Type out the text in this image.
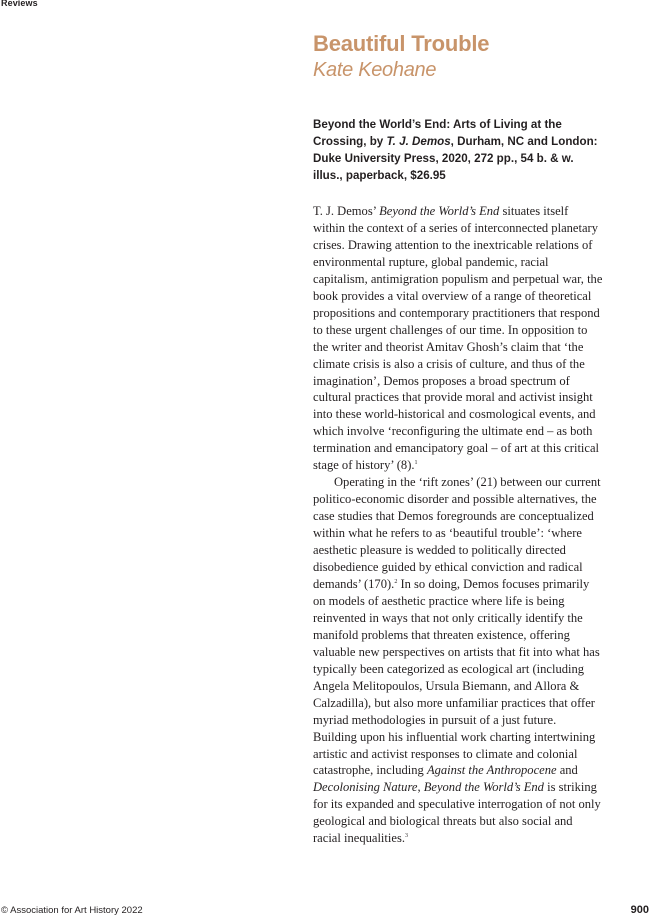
Reviews
Beautiful Trouble
Kate Keohane
Beyond the World’s End: Arts of Living at the Crossing, by T. J. Demos, Durham, NC and London: Duke University Press, 2020, 272 pp., 54 b. & w. illus., paperback, $26.95

T. J. Demos’ Beyond the World’s End situates itself within the context of a series of interconnected planetary crises. Drawing attention to the inextricable relations of environmental rupture, global pandemic, racial capitalism, antimigration populism and perpetual war, the book provides a vital overview of a range of theoretical propositions and contemporary practitioners that respond to these urgent challenges of our time. In opposition to the writer and theorist Amitav Ghosh’s claim that ‘the climate crisis is also a crisis of culture, and thus of the imagination’, Demos proposes a broad spectrum of cultural practices that provide moral and activist insight into these world-historical and cosmological events, and which involve ‘reconfiguring the ultimate end – as both termination and emancipatory goal – of art at this critical stage of history’ (8).$^1$

Operating in the ‘rift zones’ (21) between our current politico-economic disorder and possible alternatives, the case studies that Demos foregrounds are conceptualized within what he refers to as ‘beautiful trouble’: ‘where aesthetic pleasure is wedded to politically directed disobedience guided by ethical conviction and radical demands’ (170).$^2$ In so doing, Demos focuses primarily on models of aesthetic practice where life is being reinvented in ways that not only critically identify the manifold problems that threaten existence, offering valuable new perspectives on artists that fit into what has typically been categorized as ecological art (including Angela Melitopoulos, Ursula Biemann, and Allora & Calzadilla), but also more unfamiliar practices that offer myriad methodologies in pursuit of a just future. Building upon his influential work charting intertwining artistic and activist responses to climate and colonial catastrophe, including Against the Anthropocene and Decolonising Nature, Beyond the World’s End is striking for its expanded and speculative interrogation of not only geological and biological threats but also social and racial inequalities.$^3$

© Association for Art History 2022	900
